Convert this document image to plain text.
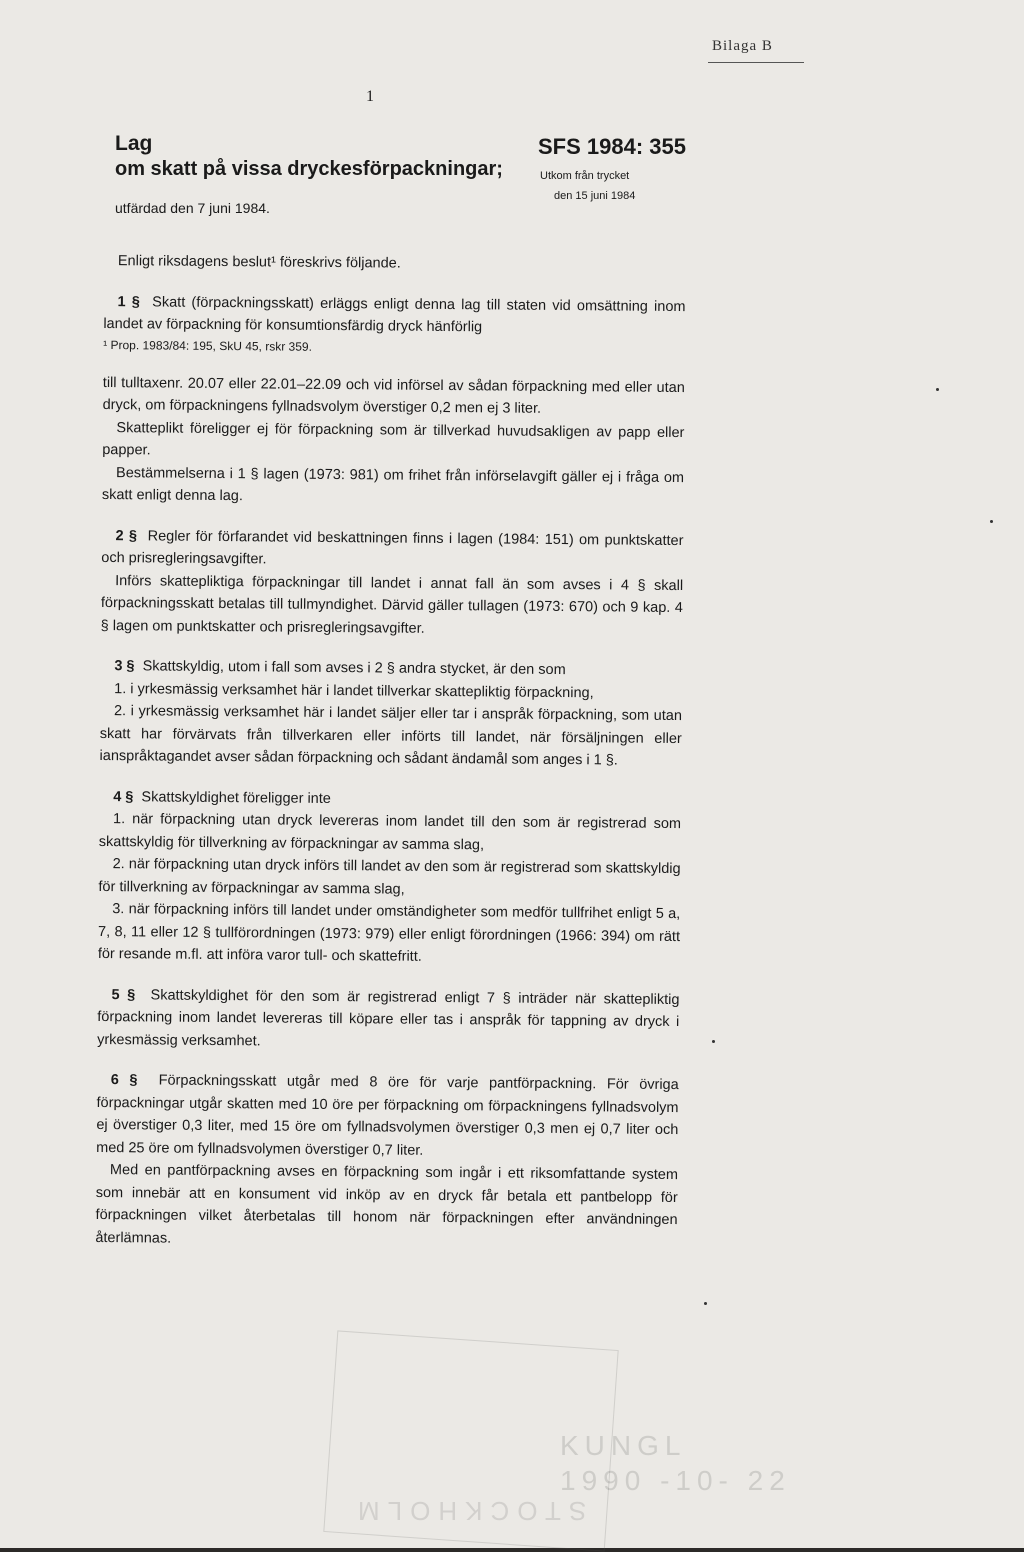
Bilaga B
1
Lag
om skatt på vissa dryckesförpackningar;
utfärdad den 7 juni 1984.
SFS 1984: 355
Utkom från trycket
den 15 juni 1984

Enligt riksdagens beslut¹ föreskrivs följande.

1 § Skatt (förpackningsskatt) erläggs enligt denna lag till staten vid omsättning inom landet av förpackning för konsumtionsfärdig dryck hänförlig

¹ Prop. 1983/84: 195, SkU 45, rskr 359.

till tulltaxenr. 20.07 eller 22.01–22.09 och vid införsel av sådan förpackning med eller utan dryck, om förpackningens fyllnadsvolym överstiger 0,2 men ej 3 liter.

Skatteplikt föreligger ej för förpackning som är tillverkad huvudsakligen av papp eller papper.

Bestämmelserna i 1 § lagen (1973: 981) om frihet från införselavgift gäller ej i fråga om skatt enligt denna lag.

2 § Regler för förfarandet vid beskattningen finns i lagen (1984: 151) om punktskatter och prisregleringsavgifter.

Införs skattepliktiga förpackningar till landet i annat fall än som avses i 4 § skall förpackningsskatt betalas till tullmyndighet. Därvid gäller tullagen (1973: 670) och 9 kap. 4 § lagen om punktskatter och prisregleringsavgifter.

3 § Skattskyldig, utom i fall som avses i 2 § andra stycket, är den som

1. i yrkesmässig verksamhet här i landet tillverkar skattepliktig förpackning,

2. i yrkesmässig verksamhet här i landet säljer eller tar i anspråk förpackning, som utan skatt har förvärvats från tillverkaren eller införts till landet, när försäljningen eller ianspråktagandet avser sådan förpackning och sådant ändamål som anges i 1 §.

4 § Skattskyldighet föreligger inte

1. när förpackning utan dryck levereras inom landet till den som är registrerad som skattskyldig för tillverkning av förpackningar av samma slag,

2. när förpackning utan dryck införs till landet av den som är registrerad som skattskyldig för tillverkning av förpackningar av samma slag,

3. när förpackning införs till landet under omständigheter som medför tullfrihet enligt 5 a, 7, 8, 11 eller 12 § tullförordningen (1973: 979) eller enligt förordningen (1966: 394) om rätt för resande m.fl. att införa varor tull- och skattefritt.

5 § Skattskyldighet för den som är registrerad enligt 7 § inträder när skattepliktig förpackning inom landet levereras till köpare eller tas i anspråk för tappning av dryck i yrkesmässig verksamhet.

6 § Förpackningsskatt utgår med 8 öre för varje pantförpackning. För övriga förpackningar utgår skatten med 10 öre per förpackning om förpackningens fyllnadsvolym ej överstiger 0,3 liter, med 15 öre om fyllnadsvolymen överstiger 0,3 men ej 0,7 liter och med 25 öre om fyllnadsvolymen överstiger 0,7 liter.

Med en pantförpackning avses en förpackning som ingår i ett riksomfattande system som innebär att en konsument vid inköp av en dryck får betala ett pantbelopp för förpackningen vilket återbetalas till honom när förpackningen efter användningen återlämnas.

KUNGL
1990 -10- 22
STOCKHOLM
